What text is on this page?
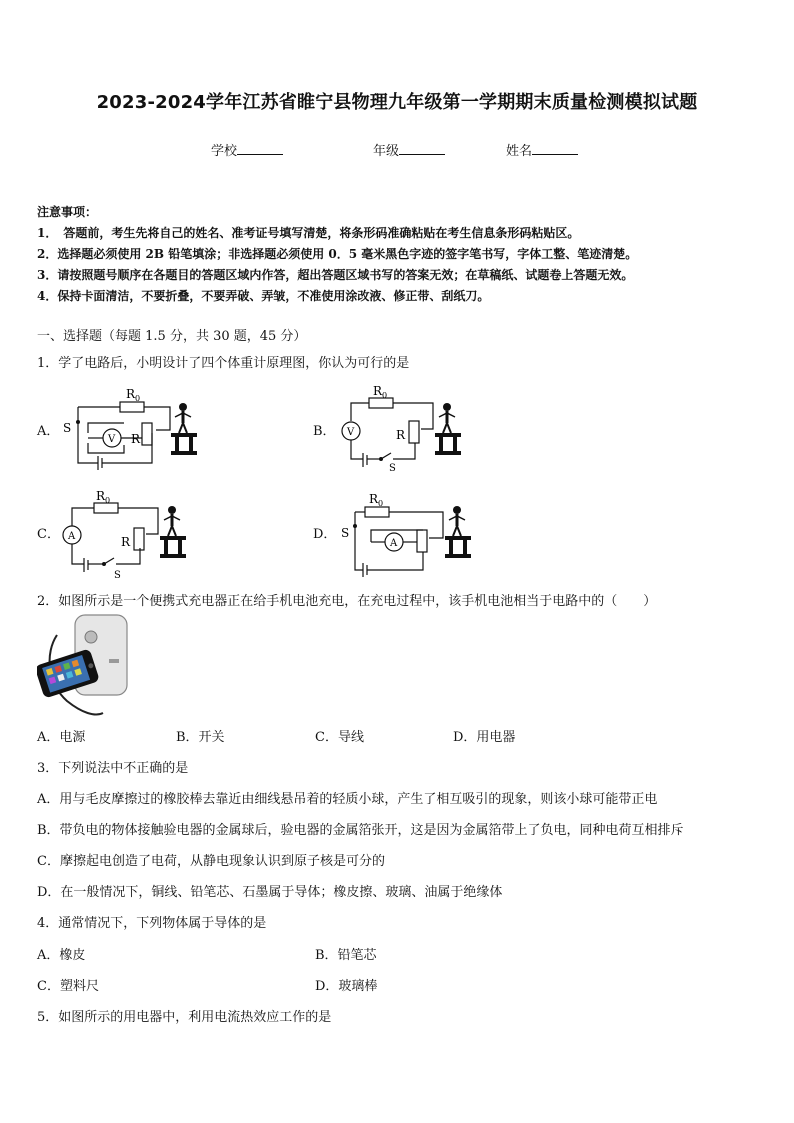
2023-2024学年江苏省睢宁县物理九年级第一学期期末质量检测模拟试题
学校	年级	姓名
注意事项：
1．　答题前，考生先将自己的姓名、准考证号填写清楚，将条形码准确粘贴在考生信息条形码粘贴区。
2．选择题必须使用 2B 铅笔填涂；非选择题必须使用 0．5 毫米黑色字迹的签字笔书写，字体工整、笔迹清楚。
3．请按照题号顺序在各题目的答题区域内作答，超出答题区域书写的答案无效；在草稿纸、试题卷上答题无效。
4．保持卡面清洁，不要折叠，不要弄破、弄皱，不准使用涂改液、修正带、刮纸刀。
一、选择题（每题 1.5 分，共 30 题，45 分）
1．学了电路后，小明设计了四个体重计原理图，你认为可行的是
A．	B．
C．	D．
S
R 0
R
V
R 0
R
V
S
R 0
R
A
S
S
R 0
A
2．如图所示是一个便携式充电器正在给手机电池充电，在充电过程中，该手机电池相当于电路中的（　　）
A．电源	B．开关	C．导线	D．用电器
3．下列说法中不正确的是
A．用与毛皮摩擦过的橡胶棒去靠近由细线悬吊着的轻质小球，产生了相互吸引的现象，则该小球可能带正电
B．带负电的物体接触验电器的金属球后，验电器的金属箔张开，这是因为金属箔带上了负电，同种电荷互相排斥
C．摩擦起电创造了电荷，从静电现象认识到原子核是可分的
D．在一般情况下，铜线、铅笔芯、石墨属于导体；橡皮擦、玻璃、油属于绝缘体
4．通常情况下，下列物体属于导体的是
A．橡皮	B．铅笔芯
C．塑料尺	D．玻璃棒
5．如图所示的用电器中，利用电流热效应工作的是
